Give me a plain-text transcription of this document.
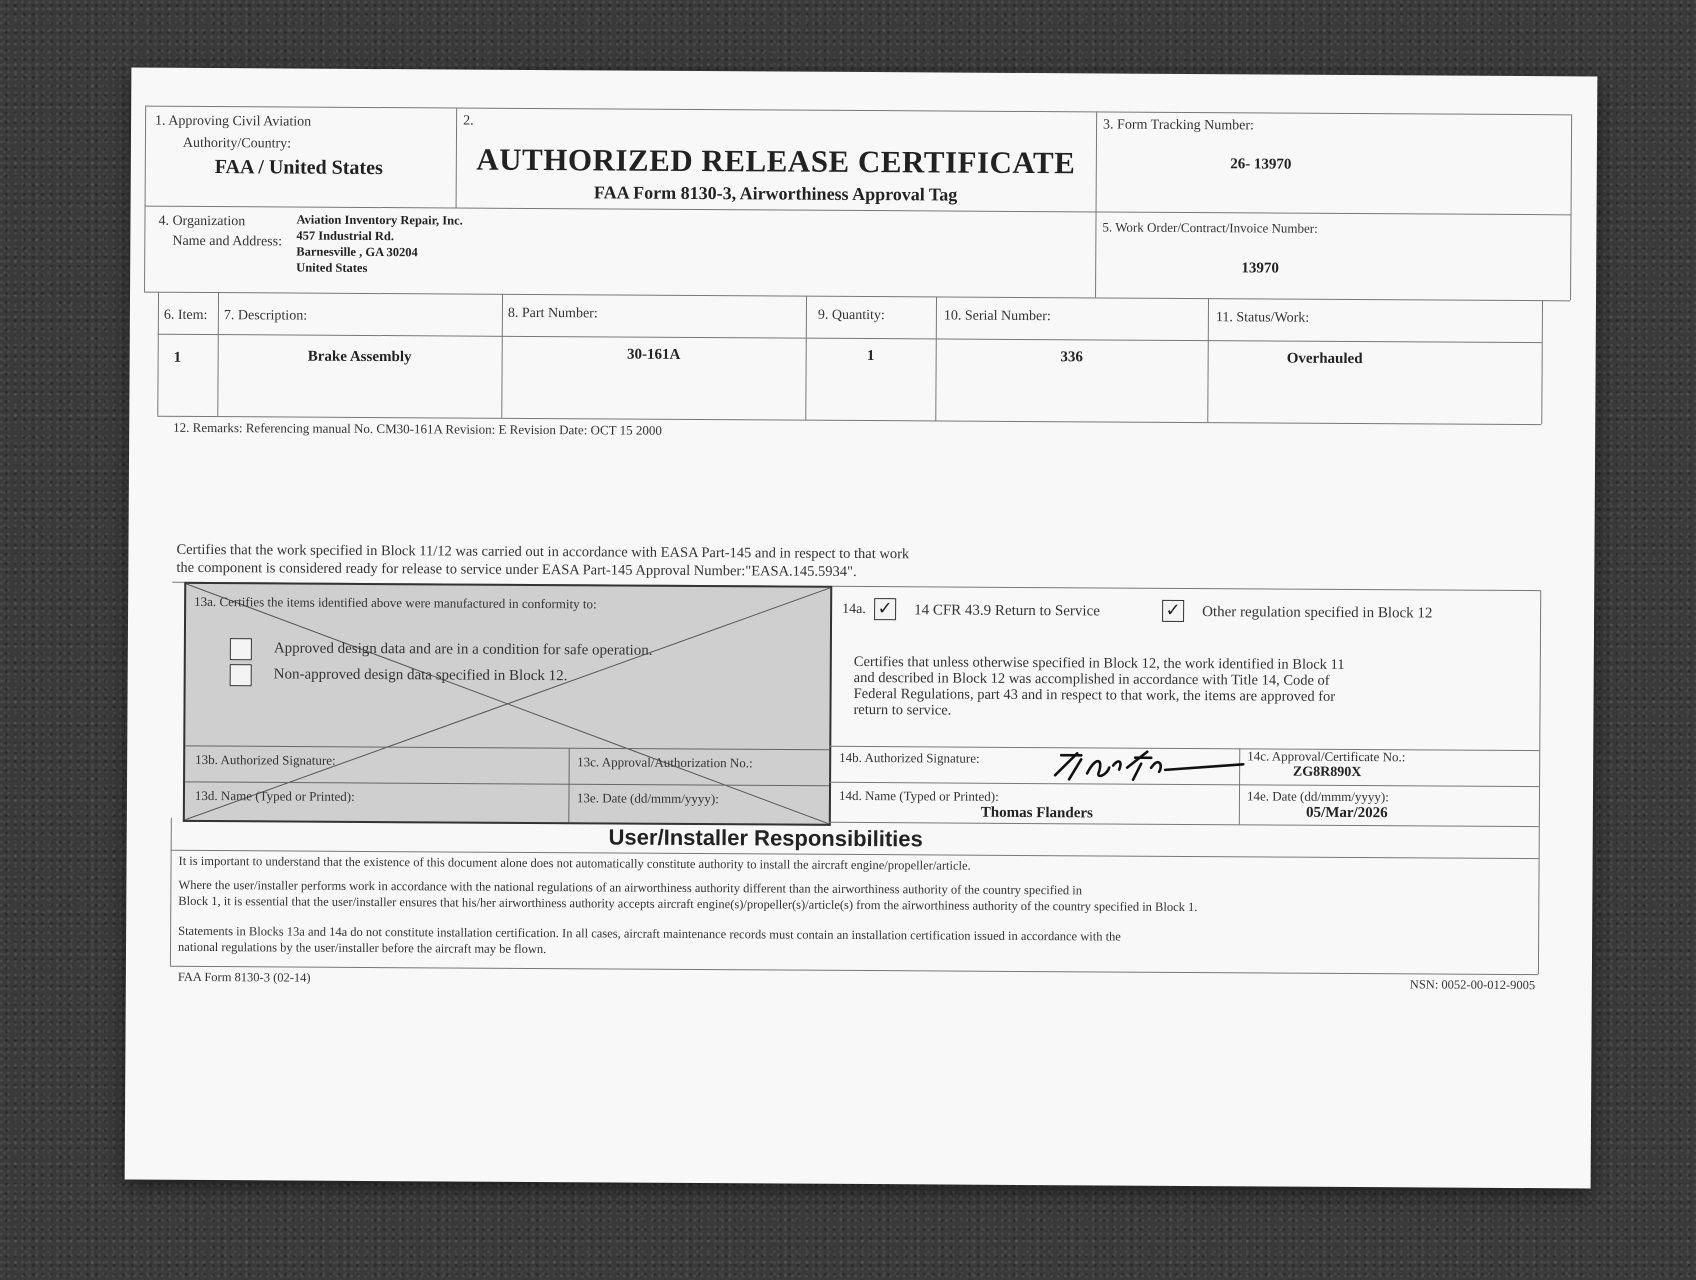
1. Approving Civil Aviation
Authority/Country:
FAA / United States
2.
AUTHORIZED RELEASE CERTIFICATE
FAA Form 8130-3, Airworthiness Approval Tag
3. Form Tracking Number:
26- 13970
4. Organization
Name and Address:
Aviation Inventory Repair, Inc.
457 Industrial Rd.
Barnesville , GA 30204
United States
5. Work Order/Contract/Invoice Number:
13970
6. Item: 7. Description:	8. Part Number:	9. Quantity:	10. Serial Number:	11. Status/Work:
1	Brake Assembly	30-161A	1	336	Overhauled
12. Remarks: Referencing manual No. CM30-161A Revision: E Revision Date: OCT 15 2000
Certifies that the work specified in Block 11/12 was carried out in accordance with EASA Part-145 and in respect to that work
the component is considered ready for release to service under EASA Part-145 Approval Number:"EASA.145.5934".
13a. Certifies the items identified above were manufactured in conformity to:
Approved design data and are in a condition for safe operation.
Non-approved design data specified in Block 12.
13b. Authorized Signature:	13c. Approval/Authorization No.:
13d. Name (Typed or Printed):	13e. Date (dd/mmm/yyyy):
14a. ✓ 14 CFR 43.9 Return to Service	✓ Other regulation specified in Block 12
Certifies that unless otherwise specified in Block 12, the work identified in Block 11
and described in Block 12 was accomplished in accordance with Title 14, Code of
Federal Regulations, part 43 and in respect to that work, the items are approved for
return to service.
14b. Authorized Signature:	14c. Approval/Certificate No.:
ZG8R890X
14d. Name (Typed or Printed):
Thomas Flanders
14e. Date (dd/mmm/yyyy):
05/Mar/2026
User/Installer Responsibilities
It is important to understand that the existence of this document alone does not automatically constitute authority to install the aircraft engine/propeller/article.
Where the user/installer performs work in accordance with the national regulations of an airworthiness authority different than the airworthiness authority of the country specified in
Block 1, it is essential that the user/installer ensures that his/her airworthiness authority accepts aircraft engine(s)/propeller(s)/article(s) from the airworthiness authority of the country specified in Block 1.
Statements in Blocks 13a and 14a do not constitute installation certification. In all cases, aircraft maintenance records must contain an installation certification issued in accordance with the
national regulations by the user/installer before the aircraft may be flown.
FAA Form 8130-3 (02-14)
NSN: 0052-00-012-9005
